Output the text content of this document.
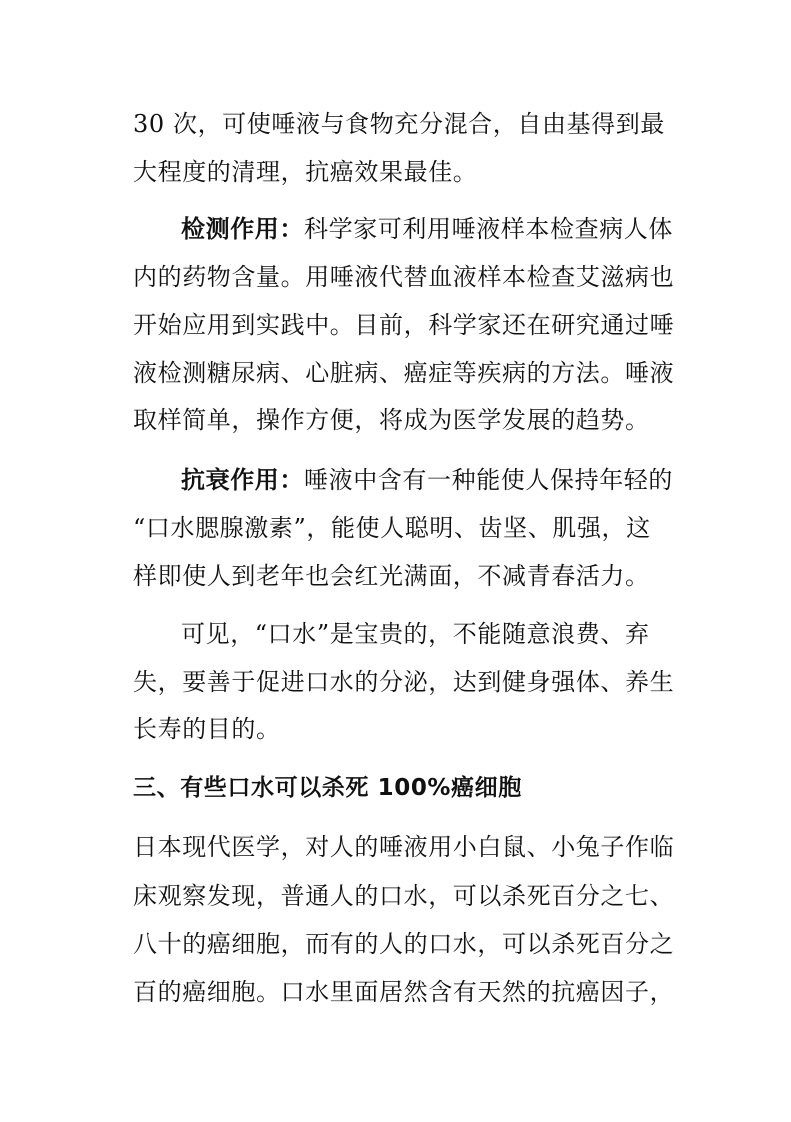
30 次，可使唾液与食物充分混合，自由基得到最
大程度的清理，抗癌效果最佳。
检测作用：科学家可利用唾液样本检查病人体
内的药物含量。用唾液代替血液样本检查艾滋病也
开始应用到实践中。目前，科学家还在研究通过唾
液检测糖尿病、心脏病、癌症等疾病的方法。唾液
取样简单，操作方便，将成为医学发展的趋势。
抗衰作用：唾液中含有一种能使人保持年轻的
“口水腮腺激素”，能使人聪明、齿坚、肌强，这
样即使人到老年也会红光满面，不减青春活力。
可见，“口水”是宝贵的，不能随意浪费、弃
失，要善于促进口水的分泌，达到健身强体、养生
长寿的目的。
三、有些口水可以杀死 100%癌细胞
日本现代医学，对人的唾液用小白鼠、小兔子作临
床观察发现，普通人的口水，可以杀死百分之七、
八十的癌细胞，而有的人的口水，可以杀死百分之
百的癌细胞。口水里面居然含有天然的抗癌因子，
